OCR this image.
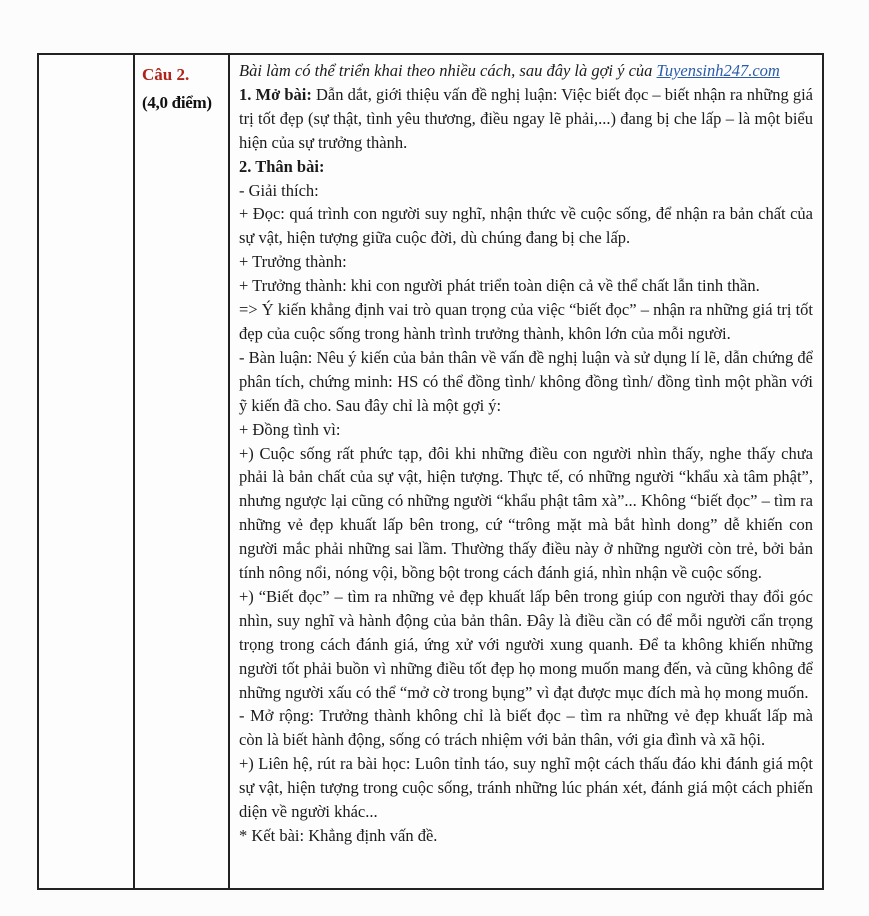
Câu 2.
(4,0 điểm)

Bài làm có thể triển khai theo nhiều cách, sau đây là gợi ý của Tuyensinh247.com

1. Mở bài: Dẫn dắt, giới thiệu vấn đề nghị luận: Việc biết đọc – biết nhận ra những giá trị tốt đẹp (sự thật, tình yêu thương, điều ngay lẽ phải,...) đang bị che lấp – là một biểu hiện của sự trưởng thành.

2. Thân bài:

- Giải thích:

+ Đọc: quá trình con người suy nghĩ, nhận thức về cuộc sống, để nhận ra bản chất của sự vật, hiện tượng giữa cuộc đời, dù chúng đang bị che lấp.

+ Trưởng thành:

+ Trưởng thành: khi con người phát triển toàn diện cả về thể chất lẫn tinh thần.

=> Ý kiến khẳng định vai trò quan trọng của việc “biết đọc” – nhận ra những giá trị tốt đẹp của cuộc sống trong hành trình trưởng thành, khôn lớn của mỗi người.

- Bàn luận: Nêu ý kiến của bản thân về vấn đề nghị luận và sử dụng lí lẽ, dẫn chứng để phân tích, chứng minh: HS có thể đồng tình/ không đồng tình/ đồng tình một phần với ỹ kiến đã cho. Sau đây chỉ là một gợi ý:

+ Đồng tình vì:

+) Cuộc sống rất phức tạp, đôi khi những điều con người nhìn thấy, nghe thấy chưa phải là bản chất của sự vật, hiện tượng. Thực tế, có những người “khẩu xà tâm phật”, nhưng ngược lại cũng có những người “khẩu phật tâm xà”... Không “biết đọc” – tìm ra những vẻ đẹp khuất lấp bên trong, cứ “trông mặt mà bắt hình dong” dễ khiến con người mắc phải những sai lầm. Thường thấy điều này ở những người còn trẻ, bởi bản tính nông nổi, nóng vội, bồng bột trong cách đánh giá, nhìn nhận về cuộc sống.

+) “Biết đọc” – tìm ra những vẻ đẹp khuất lấp bên trong giúp con người thay đổi góc nhìn, suy nghĩ và hành động của bản thân. Đây là điều cần có để mỗi người cẩn trọng trọng trong cách đánh giá, ứng xử với người xung quanh. Để ta không khiến những người tốt phải buồn vì những điều tốt đẹp họ mong muốn mang đến, và cũng không để những người xấu có thể “mở cờ trong bụng” vì đạt được mục đích mà họ mong muốn.

- Mở rộng: Trưởng thành không chỉ là biết đọc – tìm ra những vẻ đẹp khuất lấp mà còn là biết hành động, sống có trách nhiệm với bản thân, với gia đình và xã hội.

+) Liên hệ, rút ra bài học: Luôn tỉnh táo, suy nghĩ một cách thấu đáo khi đánh giá một sự vật, hiện tượng trong cuộc sống, tránh những lúc phán xét, đánh giá một cách phiến diện về người khác...

* Kết bài: Khẳng định vấn đề.
